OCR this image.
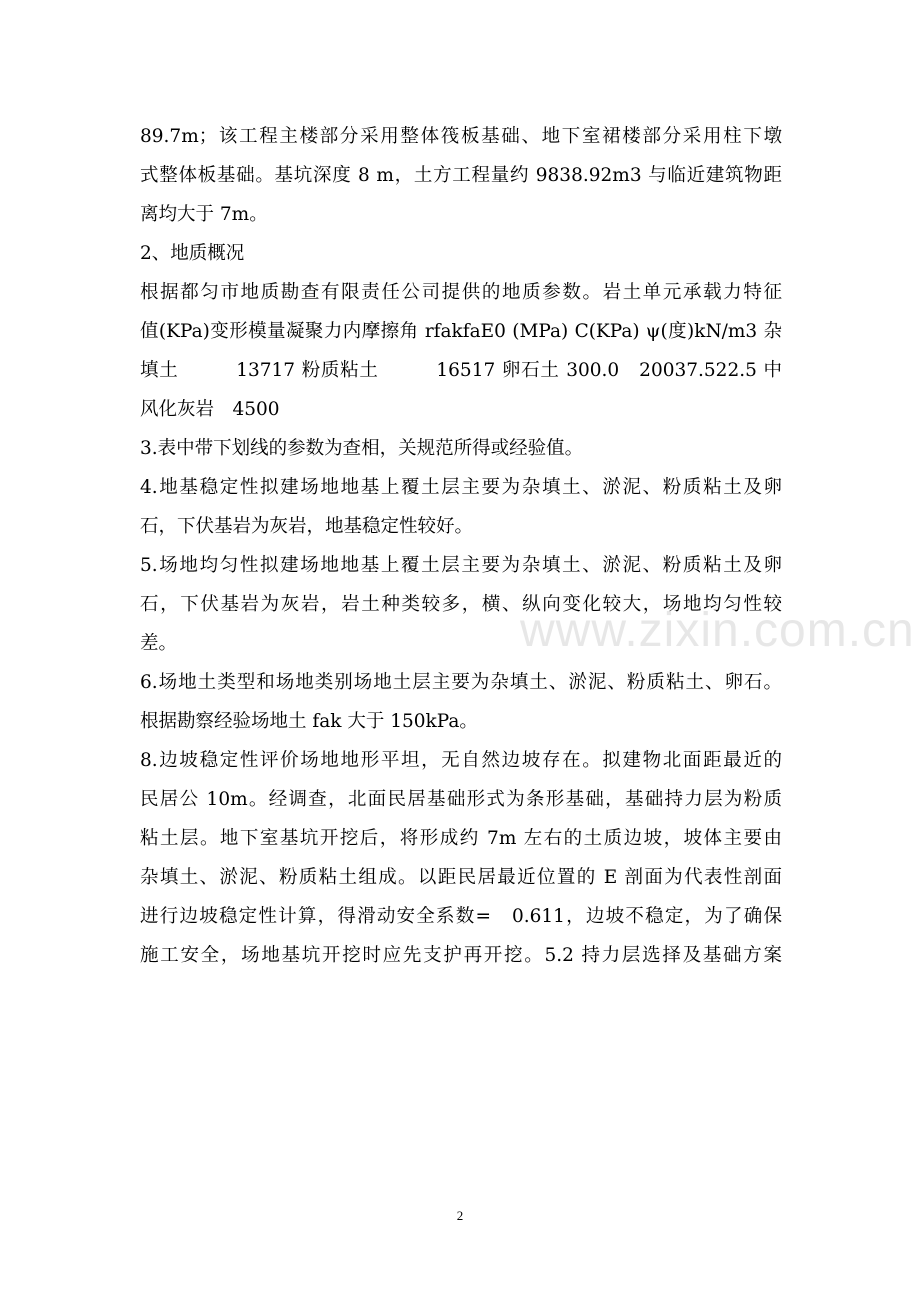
89.7m；该工程主楼部分采用整体筏板基础、地下室裙楼部分采用柱下墩
式整体板基础。基坑深度 8 m，土方工程量约 9838.92m3 与临近建筑物距
离均大于 7m。
2、地质概况
根据都匀市地质勘查有限责任公司提供的地质参数。岩土单元承载力特征
值(KPa)变形模量凝聚力内摩擦角 rfakfaE0 (MPa) C(KPa) ψ(度)kN/m3 杂
填土　　　13717 粉质粘土　　　16517 卵石土 300.0　20037.522.5 中
风化灰岩　4500
3.表中带下划线的参数为查相，关规范所得或经验值。
4.地基稳定性拟建场地地基上覆土层主要为杂填土、淤泥、粉质粘土及卵
石，下伏基岩为灰岩，地基稳定性较好。
5.场地均匀性拟建场地地基上覆土层主要为杂填土、淤泥、粉质粘土及卵
石，下伏基岩为灰岩，岩土种类较多，横、纵向变化较大，场地均匀性较
差。
6.场地土类型和场地类别场地土层主要为杂填土、淤泥、粉质粘土、卵石。
根据勘察经验场地土 fak 大于 150kPa。
8.边坡稳定性评价场地地形平坦，无自然边坡存在。拟建物北面距最近的
民居公 10m。经调查，北面民居基础形式为条形基础，基础持力层为粉质
粘土层。地下室基坑开挖后，将形成约 7m 左右的土质边坡，坡体主要由
杂填土、淤泥、粉质粘土组成。以距民居最近位置的 E 剖面为代表性剖面
进行边坡稳定性计算，得滑动安全系数=　0.611，边坡不稳定，为了确保
施工安全，场地基坑开挖时应先支护再开挖。5.2 持力层选择及基础方案
www.zixin.com.cn
2
